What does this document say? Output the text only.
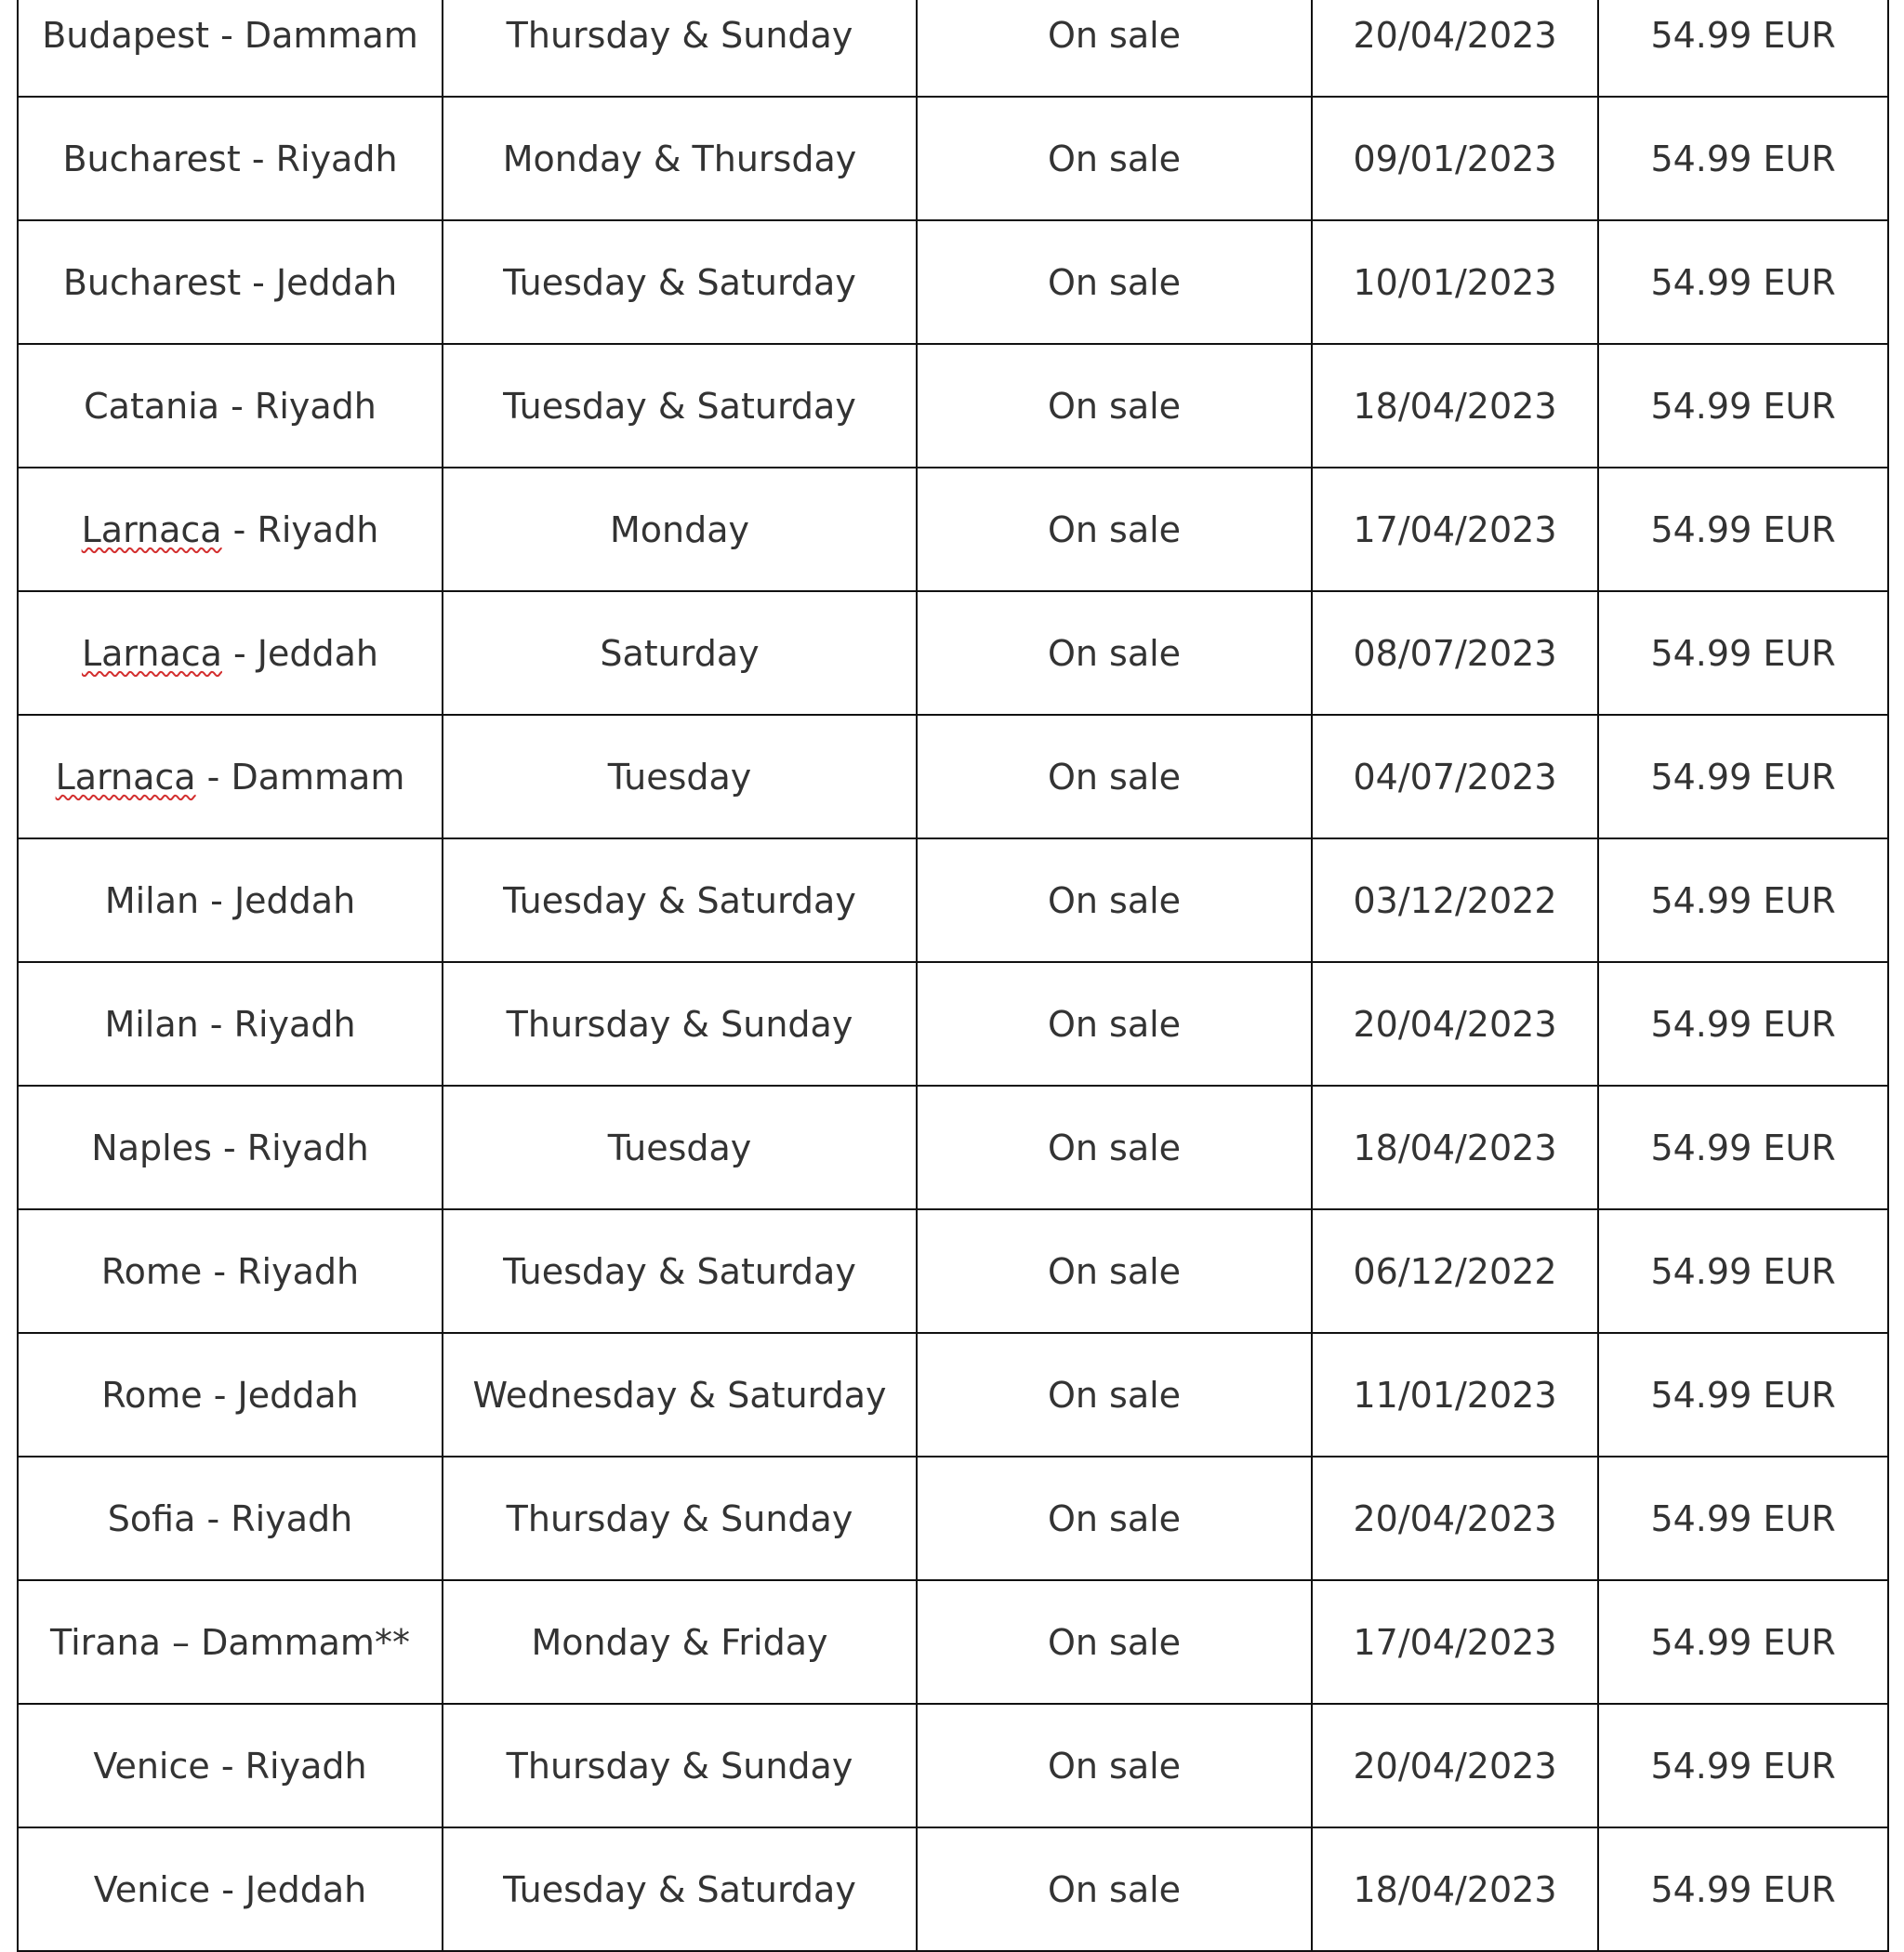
Budapest - Dammam	Thursday & Sunday	On sale	20/04/2023	54.99 EUR
Bucharest - Riyadh	Monday & Thursday	On sale	09/01/2023	54.99 EUR
Bucharest - Jeddah	Tuesday & Saturday	On sale	10/01/2023	54.99 EUR
Catania - Riyadh	Tuesday & Saturday	On sale	18/04/2023	54.99 EUR
Larnaca - Riyadh	Monday	On sale	17/04/2023	54.99 EUR
Larnaca - Jeddah	Saturday	On sale	08/07/2023	54.99 EUR
Larnaca - Dammam	Tuesday	On sale	04/07/2023	54.99 EUR
Milan - Jeddah	Tuesday & Saturday	On sale	03/12/2022	54.99 EUR
Milan - Riyadh	Thursday & Sunday	On sale	20/04/2023	54.99 EUR
Naples - Riyadh	Tuesday	On sale	18/04/2023	54.99 EUR
Rome - Riyadh	Tuesday & Saturday	On sale	06/12/2022	54.99 EUR
Rome - Jeddah	Wednesday & Saturday	On sale	11/01/2023	54.99 EUR
Sofia - Riyadh	Thursday & Sunday	On sale	20/04/2023	54.99 EUR
Tirana – Dammam**	Monday & Friday	On sale	17/04/2023	54.99 EUR
Venice - Riyadh	Thursday & Sunday	On sale	20/04/2023	54.99 EUR
Venice - Jeddah	Tuesday & Saturday	On sale	18/04/2023	54.99 EUR
